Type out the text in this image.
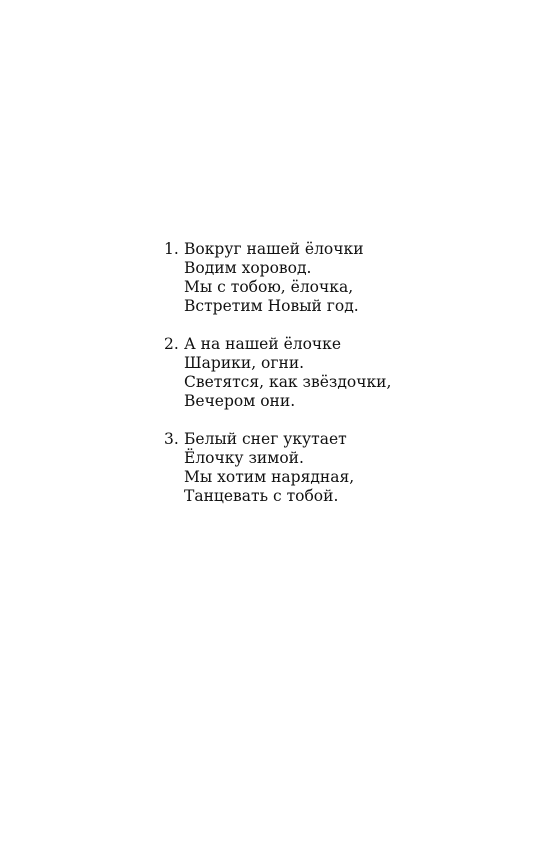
1. Вокруг нашей ёлочки
Водим хоровод.
Мы с тобою, ёлочка,
Встретим Новый год.
2. А на нашей ёлочке
Шарики, огни.
Светятся, как звёздочки,
Вечером они.
3. Белый снег укутает
Ёлочку зимой.
Мы хотим нарядная,
Танцевать с тобой.
